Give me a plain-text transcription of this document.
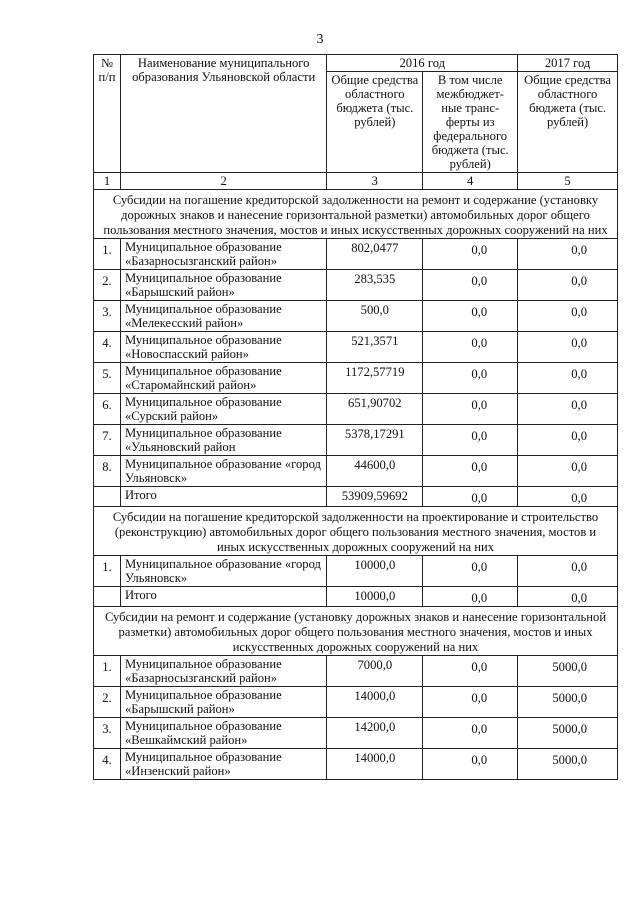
3
№ п/п	Наименование муниципального образования Ульяновской области	2016 год		2017 год
		Общие средства областного бюджета (тыс. рублей)	В том числе межбюджет-ные транс-ферты из федерального бюджета (тыс. рублей)	Общие средства областного бюджета (тыс. рублей)
1	2	3	4	5
Субсидии на погашение кредиторской задолженности на ремонт и содержание (установку дорожных знаков и нанесение горизонтальной разметки) автомобильных дорог общего пользования местного значения, мостов и иных искусственных дорожных сооружений на них				
1.	Муниципальное образование «Базарносызганский район»	802,0477	0,0	0,0
2.	Муниципальное образование «Барышский район»	283,535	0,0	0,0
3.	Муниципальное образование «Мелекесский район»	500,0	0,0	0,0
4.	Муниципальное образование «Новоспасский район»	521,3571	0,0	0,0
5.	Муниципальное образование «Старомайнский район»	1172,57719	0,0	0,0
6.	Муниципальное образование «Сурский район»	651,90702	0,0	0,0
7.	Муниципальное образование «Ульяновский район	5378,17291	0,0	0,0
8.	Муниципальное образование «город Ульяновск»	44600,0	0,0	0,0
	Итого	53909,59692	0,0	0,0
Субсидии на погашение кредиторской задолженности на проектирование и строительство (реконструкцию) автомобильных дорог общего пользования местного значения, мостов и иных искусственных дорожных сооружений на них				
1.	Муниципальное образование «город Ульяновск»	10000,0	0,0	0,0
	Итого	10000,0	0,0	0,0
Субсидии на ремонт и содержание (установку дорожных знаков и нанесение горизонтальной разметки) автомобильных дорог общего пользования местного значения, мостов и иных искусственных дорожных сооружений на них				
1.	Муниципальное образование «Базарносызганский район»	7000,0	0,0	5000,0
2.	Муниципальное образование «Барышский район»	14000,0	0,0	5000,0
3.	Муниципальное образование «Вешкаймский район»	14200,0	0,0	5000,0
4.	Муниципальное образование «Инзенский район»	14000,0	0,0	5000,0
